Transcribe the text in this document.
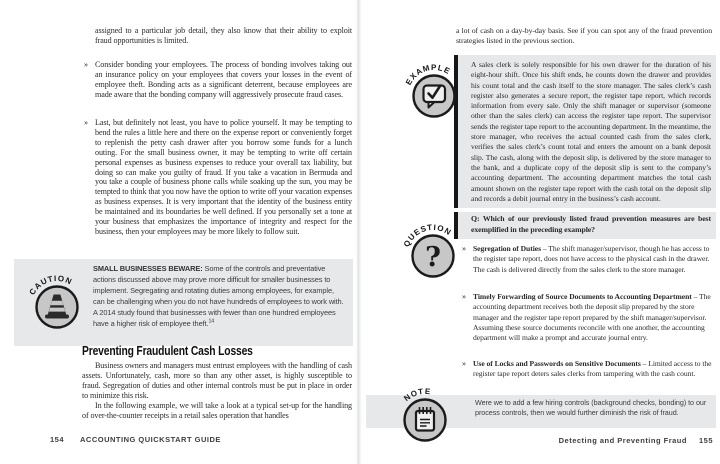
assigned to a particular job detail, they also know that their ability to exploit fraud opportunities is limited.

» Consider bonding your employees. The process of bonding involves taking out an insurance policy on your employees that covers your losses in the event of employee theft. Bonding acts as a significant deterrent, because employees are made aware that the bonding company will aggressively prosecute fraud cases.

» Last, but definitely not least, you have to police yourself. It may be tempting to bend the rules a little here and there on the expense report or conveniently forget to replenish the petty cash drawer after you borrow some funds for a lunch outing. For the small business owner, it may be tempting to write off certain personal expenses as business expenses to reduce your overall tax liability, but doing so can make you guilty of fraud. If you take a vacation in Bermuda and you take a couple of business phone calls while soaking up the sun, you may be tempted to think that you now have the option to write off your vacation expenses as business expenses. It is very important that the identity of the business entity be maintained and its boundaries be well defined. If you personally set a tone at your business that emphasizes the importance of integrity and respect for the business, then your employees may be more likely to follow suit.

SMALL BUSINESSES BEWARE: Some of the controls and preventative actions discussed above may prove more difficult for smaller businesses to implement. Segregating and rotating duties among employees, for example, can be challenging when you do not have hundreds of employees to work with. A 2014 study found that businesses with fewer than one hundred employees have a higher risk of employee theft.$^{14}$

CAUTION
Preventing Fraudulent Cash Losses

Business owners and managers must entrust employees with the handling of cash assets. Unfortunately, cash, more so than any other asset, is highly susceptible to fraud. Segregation of duties and other internal controls must be put in place in order to minimize this risk.

In the following example, we will take a look at a typical set-up for the handling of over-the-counter receipts in a retail sales operation that handles

154 ACCOUNTING QUICKSTART GUIDE

a lot of cash on a day-by-day basis. See if you can spot any of the fraud prevention strategies listed in the previous section.

A sales clerk is solely responsible for his own drawer for the duration of his eight-hour shift. Once his shift ends, he counts down the drawer and provides his count total and the cash itself to the store manager. The sales clerk’s cash register also generates a secure report, the register tape report, which records information from every sale. Only the shift manager or supervisor (someone other than the sales clerk) can access the register tape report. The supervisor sends the register tape report to the accounting department. In the meantime, the store manager, who receives the actual counted cash from the sales clerk, verifies the sales clerk’s count total and enters the amount on a bank deposit slip. The cash, along with the deposit slip, is delivered by the store manager to the bank, and a duplicate copy of the deposit slip is sent to the company’s accounting department. The accounting department matches the total cash amount shown on the register tape report with the cash total on the deposit slip and records a debit journal entry in the business’s cash account.

EXAMPLE

Q: Which of our previously listed fraud prevention measures are best exemplified in the preceding example?

QUESTION
?	» Segregation of Duties – The shift manager/supervisor, though he has access to the register tape report, does not have access to the physical cash in the drawer. The cash is delivered directly from the sales clerk to the store manager.

» Timely Forwarding of Source Documents to Accounting Department – The accounting department receives both the deposit slip prepared by the store manager and the register tape report prepared by the shift manager/supervisor. Assuming these source documents reconcile with one another, the accounting department will make a prompt and accurate journal entry.

» Use of Locks and Passwords on Sensitive Documents – Limited access to the register tape report deters sales clerks from tampering with the cash count.

Were we to add a few hiring controls (background checks, bonding) to our process controls, then we would further diminish the risk of fraud.

NOTE
Detecting and Preventing Fraud 155
